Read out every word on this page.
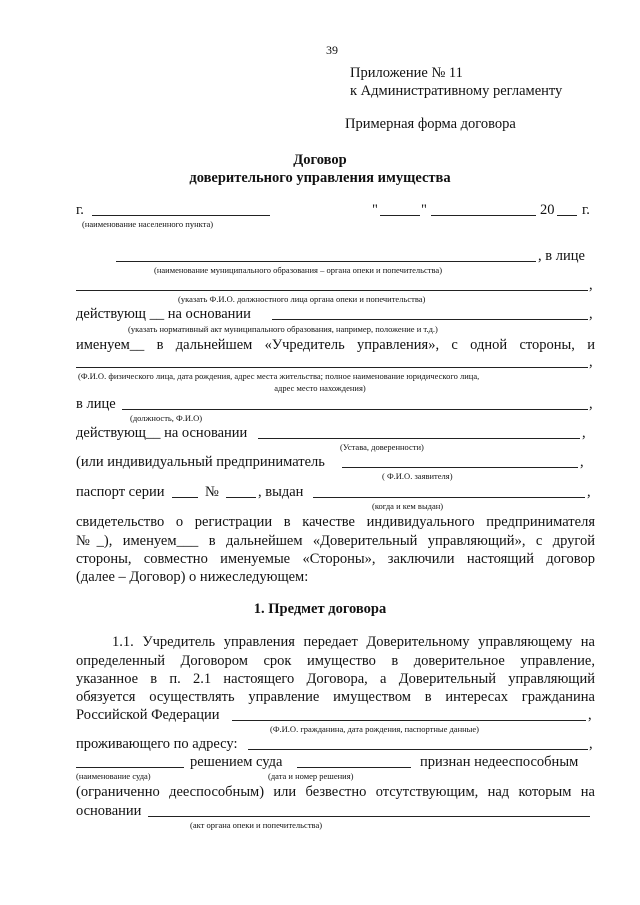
39
Приложение № 11
к Административному регламенту
Примерная форма договора
Договор
доверительного управления имущества
г.
(наименование населенного пункта)
"	"	20 г.
, в лице
(наименование муниципального образования – органа опеки и попечительства)
,
(указать Ф.И.О. должностного лица органа опеки и попечительства)
действующ __ на основании	,
(указать нормативный акт муниципального образования, например, положение и т.д.)
именуем__ в дальнейшем «Учредитель управления», с одной стороны, и
,
(Ф.И.О. физического лица, дата рождения, адрес места жительства; полное наименование юридического лица,
адрес место нахождения)
в лице	,
(должность, Ф.И.О)
действующ__ на основании	,
(Устава, доверенности)
(или индивидуальный предприниматель	,
( Ф.И.О. заявителя)
паспорт серии	№	, выдан	,
(когда и кем выдан)
свидетельство о регистрации в качестве индивидуального предпринимателя
№_), именуем___ в дальнейшем «Доверительный управляющий», с другой
стороны, совместно именуемые «Стороны», заключили настоящий договор
(далее – Договор) о нижеследующем:
1. Предмет договора
1.1. Учредитель управления передает Доверительному управляющему на
определенный Договором срок имущество в доверительное управление,
указанное в п. 2.1 настоящего Договора, а Доверительный управляющий
обязуется осуществлять управление имуществом в интересах гражданина
Российской Федерации	,
(Ф.И.О. гражданина, дата рождения, паспортные данные)
проживающего по адресу:	,
решением суда	признан недееспособным
(наименование суда)	(дата и номер решения)
(ограниченно дееспособным) или безвестно отсутствующим, над которым на
основании
(акт органа опеки и попечительства)
